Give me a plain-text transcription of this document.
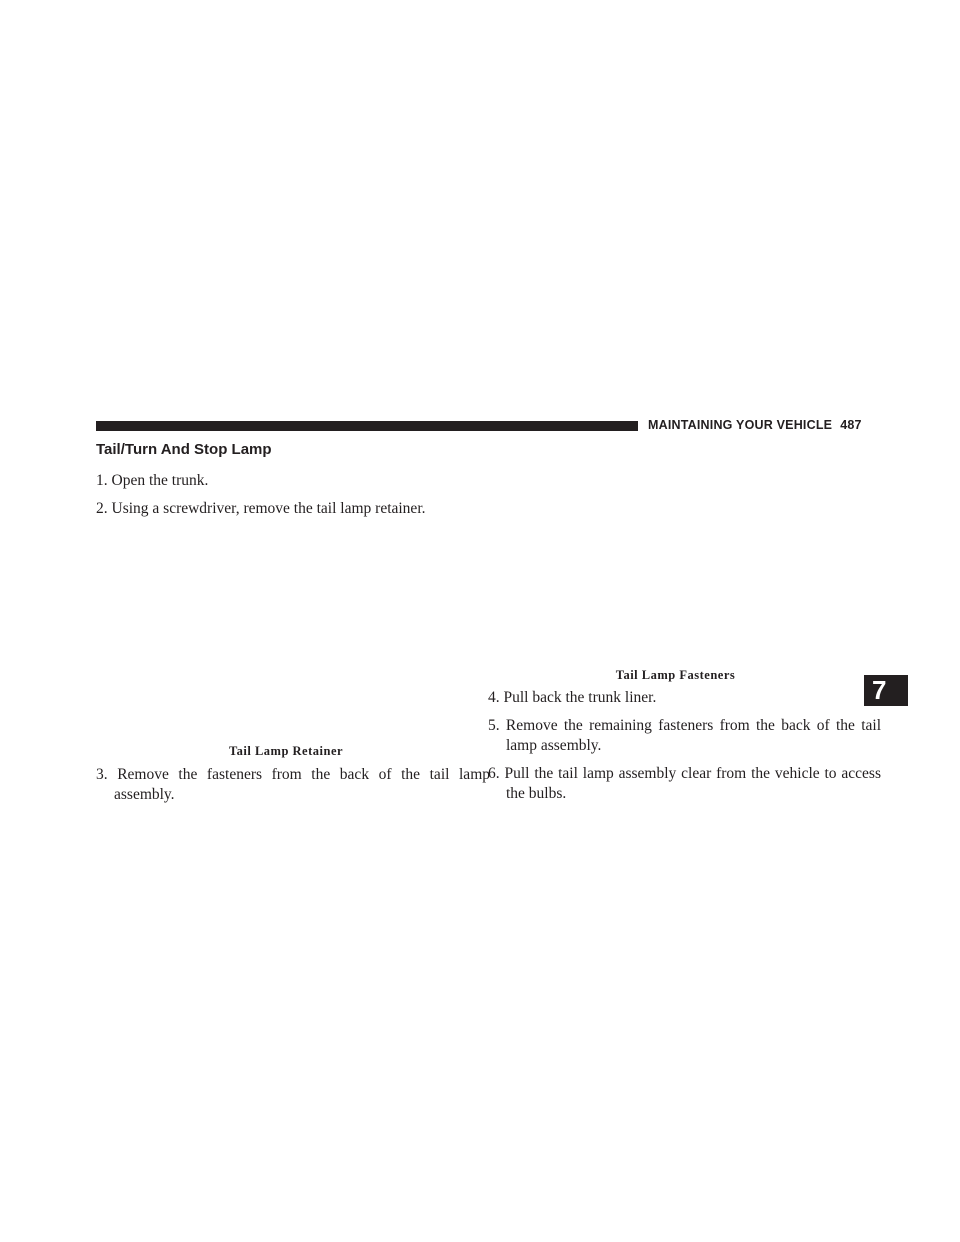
MAINTAINING YOUR VEHICLE 487
Tail/Turn And Stop Lamp
1. Open the trunk.
2. Using a screwdriver, remove the tail lamp retainer.
Tail Lamp Retainer
3. Remove the fasteners from the back of the tail lamp assembly.
Tail Lamp Fasteners
4. Pull back the trunk liner.
5. Remove the remaining fasteners from the back of the tail lamp assembly.
6. Pull the tail lamp assembly clear from the vehicle to access the bulbs.
7
